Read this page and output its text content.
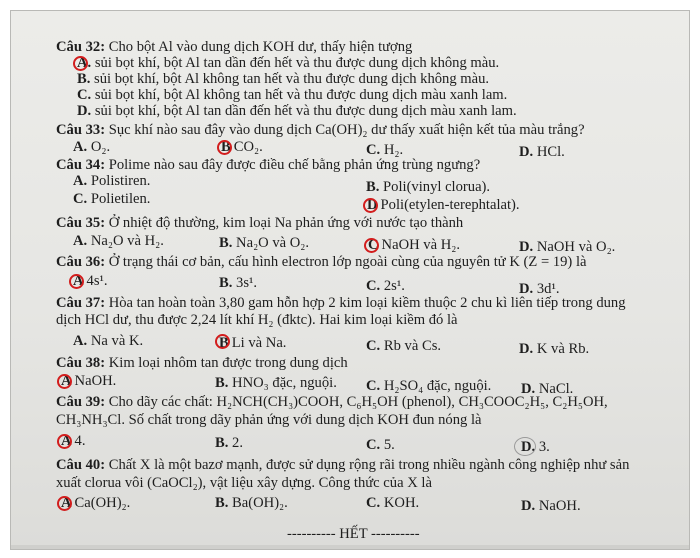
Câu 32: Cho bột Al vào dung dịch KOH dư, thấy hiện tượng
A. sủi bọt khí, bột Al tan dần đến hết và thu được dung dịch không màu.
B. sủi bọt khí, bột Al không tan hết và thu được dung dịch không màu.
C. sủi bọt khí, bột Al không tan hết và thu được dung dịch màu xanh lam.
D. sủi bọt khí, bột Al tan dần đến hết và thu được dung dịch màu xanh lam.
Câu 33: Sục khí nào sau đây vào dung dịch Ca(OH)₂ dư thấy xuất hiện kết tủa màu trắng?
A. O₂.	B CO₂.	C. H₂.	D. HCl.
Câu 34: Polime nào sau đây được điều chế bằng phản ứng trùng ngưng?
A. Polistiren.	B. Poli(vinyl clorua).
C. Polietilen.	D Poli(etylen-terephtalat).
Câu 35: Ở nhiệt độ thường, kim loại Na phản ứng với nước tạo thành
A. Na₂O và H₂.	B. Na₂O và O₂.	C NaOH và H₂.	D. NaOH và O₂.
Câu 36: Ở trạng thái cơ bản, cấu hình electron lớp ngoài cùng của nguyên tử K (Z = 19) là
A 4s¹.	B. 3s¹.	C. 2s¹.	D. 3d¹.
Câu 37: Hòa tan hoàn toàn 3,80 gam hỗn hợp 2 kim loại kiềm thuộc 2 chu kì liên tiếp trong dung
dịch HCl dư, thu được 2,24 lít khí H₂ (đktc). Hai kim loại kiềm đó là
A. Na và K.	B Li và Na.	C. Rb và Cs.	D. K và Rb.
Câu 38: Kim loại nhôm tan được trong dung dịch
A NaOH.	B. HNO₃ đặc, nguội. C. H₂SO₄ đặc, nguội. D. NaCl.
Câu 39: Cho dãy các chất: H₂NCH(CH₃)COOH, C₆H₅OH (phenol), CH₃COOC₂H₅, C₂H₅OH,
CH₃NH₃Cl. Số chất trong dãy phản ứng với dung dịch KOH đun nóng là
A 4.	B. 2.	C. 5.	D. 3.
Câu 40: Chất X là một bazơ mạnh, được sử dụng rộng rãi trong nhiều ngành công nghiệp như sản
xuất clorua vôi (CaOCl₂), vật liệu xây dựng. Công thức của X là
A Ca(OH)₂.	B. Ba(OH)₂.	C. KOH.	D. NaOH.
---------- HẾT ----------
